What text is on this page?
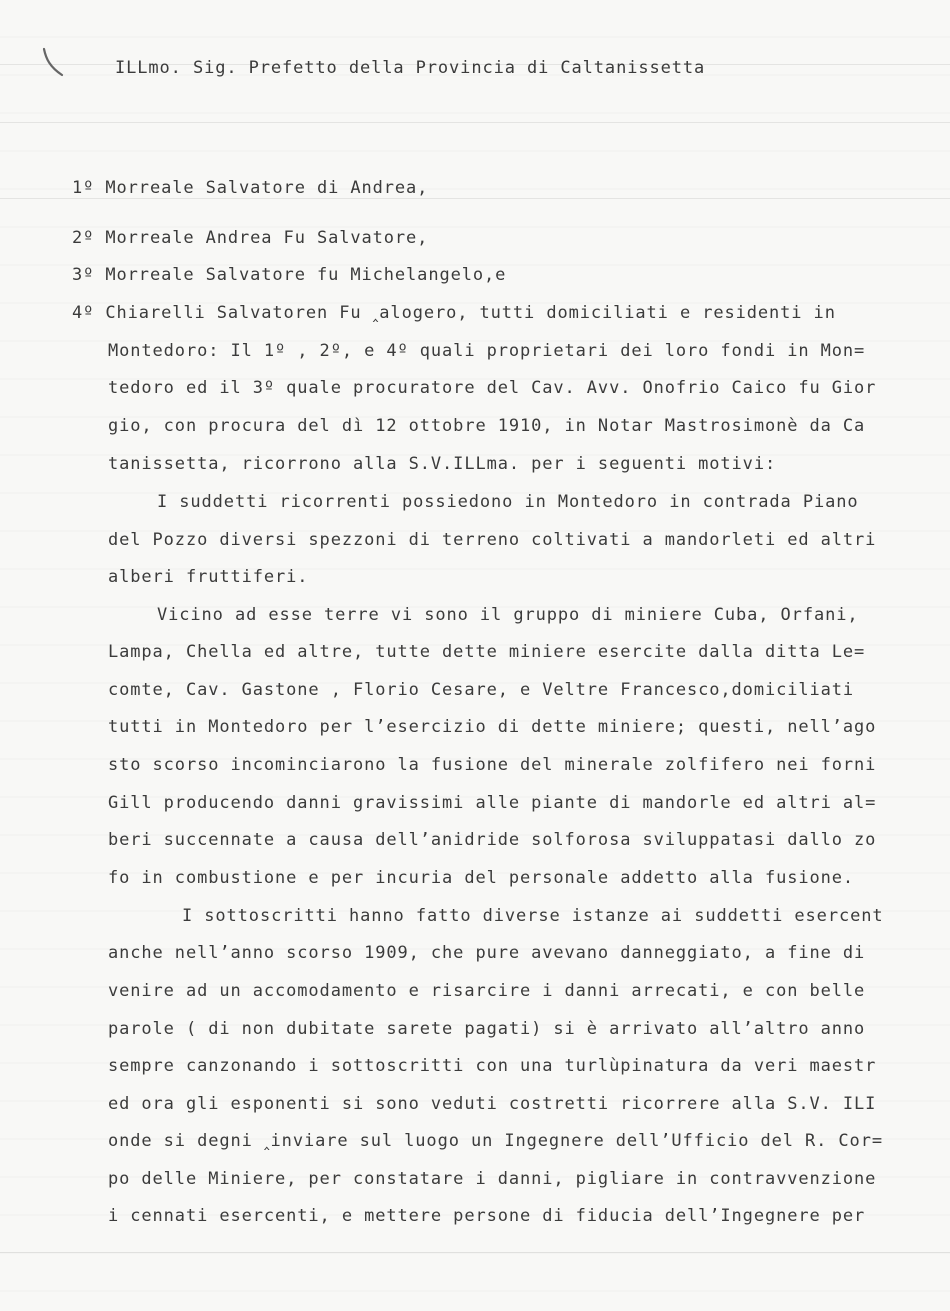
ILLmo. Sig. Prefetto della Provincia di Caltanissetta
1º Morreale Salvatore di Andrea,
2º Morreale Andrea Fu Salvatore,
3º Morreale Salvatore fu Michelangelo,e
4º Chiarelli Salvatoren Fu ‸alogero, tutti domiciliati e residenti in
Montedoro: Il 1º , 2º, e 4º quali proprietari dei loro fondi in Mon=
tedoro ed il 3º quale procuratore del Cav. Avv. Onofrio Caico fu Gior
gio, con procura del dì 12 ottobre 1910, in Notar Mastrosimonè da Ca
tanissetta, ricorrono alla S.V.ILLma. per i seguenti motivi:
I suddetti ricorrenti possiedono in Montedoro in contrada Piano
del Pozzo diversi spezzoni di terreno coltivati a mandorleti ed altri
alberi fruttiferi.
Vicino ad esse terre vi sono il gruppo di miniere Cuba, Orfani,
Lampa, Chella ed altre, tutte dette miniere esercite dalla ditta Le=
comte, Cav. Gastone , Florio Cesare, e Veltre Francesco,domiciliati
tutti in Montedoro per l’esercizio di dette miniere; questi, nell’ago
sto scorso incominciarono la fusione del minerale zolfifero nei forni
Gill producendo danni gravissimi alle piante di mandorle ed altri al=
beri succennate a causa dell’anidride solforosa sviluppatasi dallo zo
fo in combustione e per incuria del personale addetto alla fusione.
I sottoscritti hanno fatto diverse istanze ai suddetti esercent
anche nell’anno scorso 1909, che pure avevano danneggiato, a fine di
venire ad un accomodamento e risarcire i danni arrecati, e con belle
parole ( di non dubitate sarete pagati) si è arrivato all’altro anno
sempre canzonando i sottoscritti con una turlùpinatura da veri maestr
ed ora gli esponenti si sono veduti costretti ricorrere alla S.V. ILI
onde si degni ‸inviare sul luogo un Ingegnere dell’Ufficio del R. Cor=
po delle Miniere, per constatare i danni, pigliare in contravvenzione
i cennati esercenti, e mettere persone di fiducia dell’Ingegnere per
